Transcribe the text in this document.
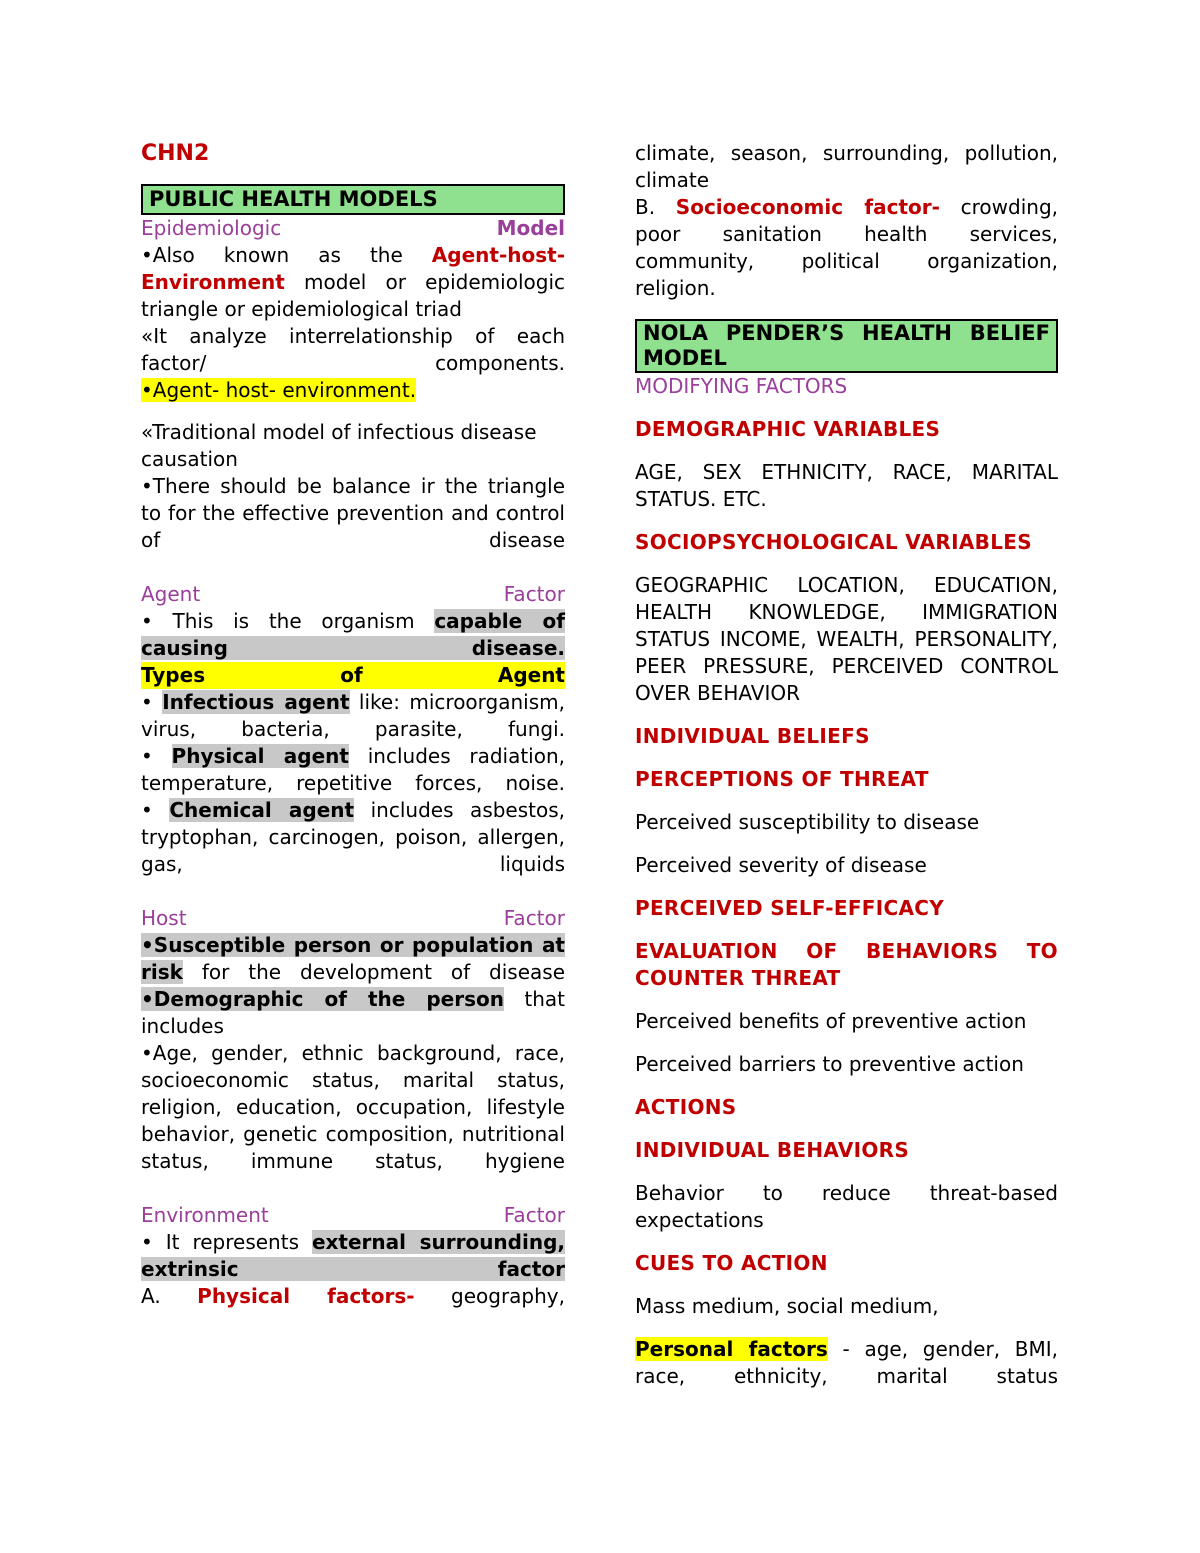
CHN2

PUBLIC HEALTH MODELS

Epidemiologic	Model

•Also known as the Agent-host-Environment model or epidemiologic triangle or epidemiological triad

«It analyze interrelationship of each factor/ components.

•Agent- host- environment.

«Traditional model of infectious disease

causation

•There should be balance ir the triangle to for the effective prevention and control of disease

Agent	Factor

• This is the organism capable of causing disease.

Types of Agent

• Infectious agent like: microorganism, virus, bacteria, parasite, fungi.

• Physical agent includes radiation, temperature, repetitive forces, noise.

• Chemical agent includes asbestos, tryptophan, carcinogen, poison, allergen, gas, liquids

Host	Factor

•Susceptible person or population at risk for the development of disease

•Demographic of the person that includes

•Age, gender, ethnic background, race, socioeconomic status, marital status, religion, education, occupation, lifestyle behavior, genetic composition, nutritional status, immune status, hygiene

Environment	Factor

• It represents external surrounding, extrinsic factor

A. Physical factors- geography,

climate, season, surrounding, pollution, climate

B. Socioeconomic factor- crowding, poor sanitation health services, community, political organization, religion.

NOLA PENDER’S HEALTH BELIEF MODEL

MODIFYING FACTORS

DEMOGRAPHIC VARIABLES

AGE, SEX ETHNICITY, RACE, MARITAL STATUS. ETC.

SOCIOPSYCHOLOGICAL VARIABLES

GEOGRAPHIC LOCATION, EDUCATION, HEALTH KNOWLEDGE, IMMIGRATION STATUS INCOME, WEALTH, PERSONALITY, PEER PRESSURE, PERCEIVED CONTROL OVER BEHAVIOR

INDIVIDUAL BELIEFS

PERCEPTIONS OF THREAT

Perceived susceptibility to disease

Perceived severity of disease

PERCEIVED SELF-EFFICACY

EVALUATION OF BEHAVIORS TO COUNTER THREAT

Perceived benefits of preventive action

Perceived barriers to preventive action

ACTIONS

INDIVIDUAL BEHAVIORS

Behavior to reduce threat-based expectations

CUES TO ACTION

Mass medium, social medium,

Personal factors - age, gender, BMI, race, ethnicity, marital status
